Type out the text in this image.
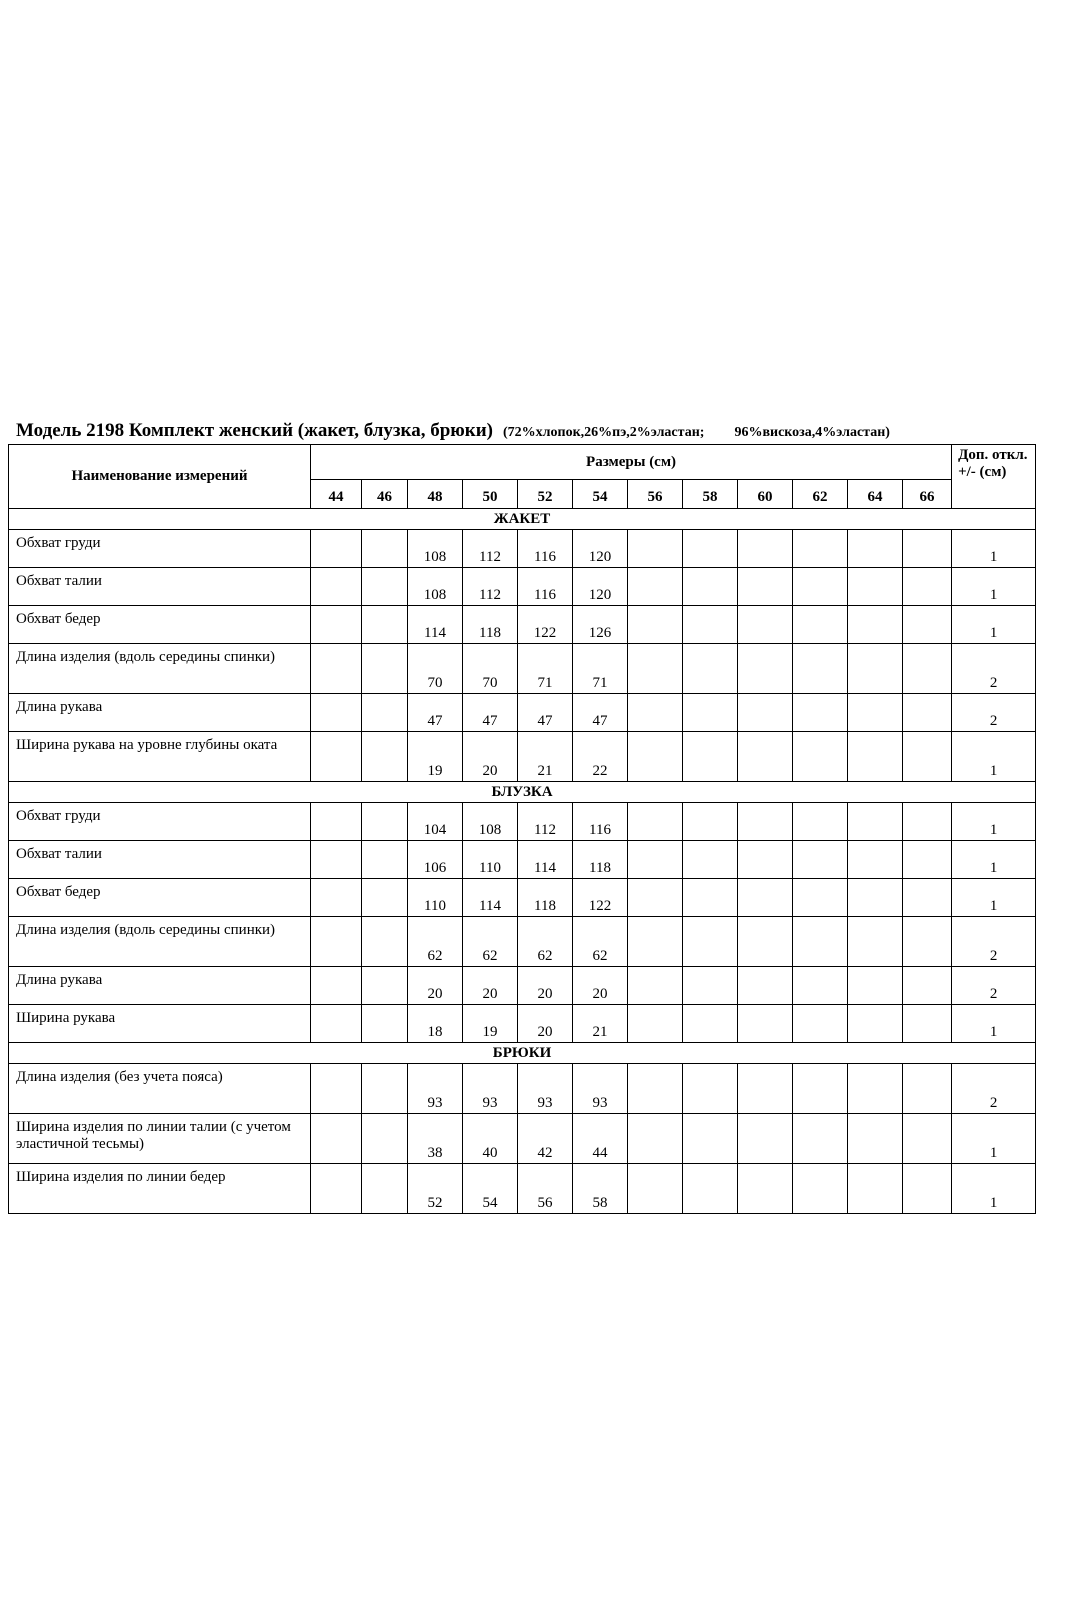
Модель 2198 Комплект женский (жакет, блузка, брюки) (72%хлопок,26%пэ,2%эластан; 96%вискоза,4%эластан)
Наименование измерений	Размеры (см)												Доп. откл. +/- (см)
	44	46	48	50	52	54	56	58	60	62	64	66	
ЖАКЕТ													
Обхват груди			108	112	116	120							1
Обхват талии			108	112	116	120							1
Обхват бедер			114	118	122	126							1
Длина изделия (вдоль середины спинки)			70	70	71	71							2
Длина рукава			47	47	47	47							2
Ширина рукава на уровне глубины оката			19	20	21	22							1
БЛУЗКА													
Обхват груди			104	108	112	116							1
Обхват талии			106	110	114	118							1
Обхват бедер			110	114	118	122							1
Длина изделия (вдоль середины спинки)			62	62	62	62							2
Длина рукава			20	20	20	20							2
Ширина рукава			18	19	20	21							1
БРЮКИ													
Длина изделия (без учета пояса)			93	93	93	93							2
Ширина изделия по линии талии (с учетом эластичной тесьмы)			38	40	42	44							1
Ширина изделия по линии бедер			52	54	56	58							1
